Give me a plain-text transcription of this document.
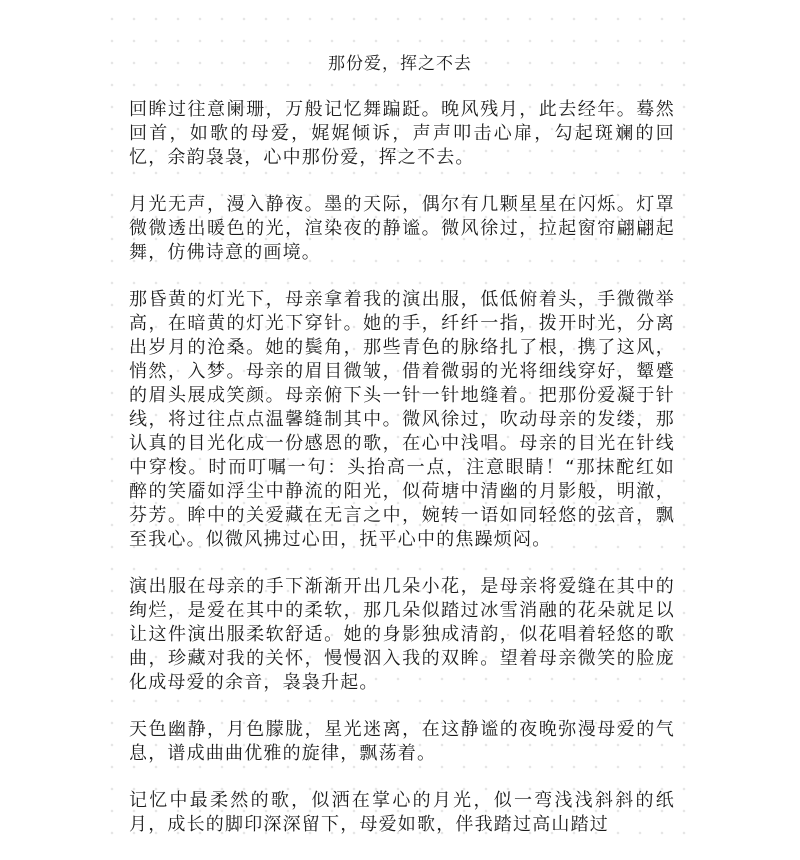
那份爱，挥之不去

回眸过往意阑珊，万般记忆舞蹁跹。晚风残月，此去经年。蓦然回首，如歌的母爱，娓娓倾诉，声声叩击心扉，勾起斑斓的回忆，余韵袅袅，心中那份爱，挥之不去。

月光无声，漫入静夜。墨的天际，偶尔有几颗星星在闪烁。灯罩微微透出暖色的光，渲染夜的静谧。微风徐过，拉起窗帘翩翩起舞，仿佛诗意的画境。

那昏黄的灯光下，母亲拿着我的演出服，低低俯着头，手微微举高，在暗黄的灯光下穿针。她的手，纤纤一指，拨开时光，分离出岁月的沧桑。她的鬓角，那些青色的脉络扎了根，携了这风，悄然，入梦。母亲的眉目微皱，借着微弱的光将细线穿好，颦蹙的眉头展成笑颜。母亲俯下头一针一针地缝着。把那份爱凝于针线，将过往点点温馨缝制其中。微风徐过，吹动母亲的发缕，那认真的目光化成一份感恩的歌，在心中浅唱。母亲的目光在针线中穿梭。时而叮嘱一句：头抬高一点，注意眼睛！“那抹酡红如醉的笑靥如浮尘中静流的阳光，似荷塘中清幽的月影般，明澈，芬芳。眸中的关爱藏在无言之中，婉转一语如同轻悠的弦音，飘至我心。似微风拂过心田，抚平心中的焦躁烦闷。

演出服在母亲的手下渐渐开出几朵小花，是母亲将爱缝在其中的绚烂，是爱在其中的柔软，那几朵似踏过冰雪消融的花朵就足以让这件演出服柔软舒适。她的身影独成清韵，似花唱着轻悠的歌曲，珍藏对我的关怀，慢慢泅入我的双眸。望着母亲微笑的脸庞化成母爱的余音，袅袅升起。

天色幽静，月色朦胧，星光迷离，在这静谧的夜晚弥漫母爱的气息，谱成曲曲优雅的旋律，飘荡着。

记忆中最柔然的歌，似洒在掌心的月光，似一弯浅浅斜斜的纸月，成长的脚印深深留下，母爱如歌，伴我踏过高山踏过
